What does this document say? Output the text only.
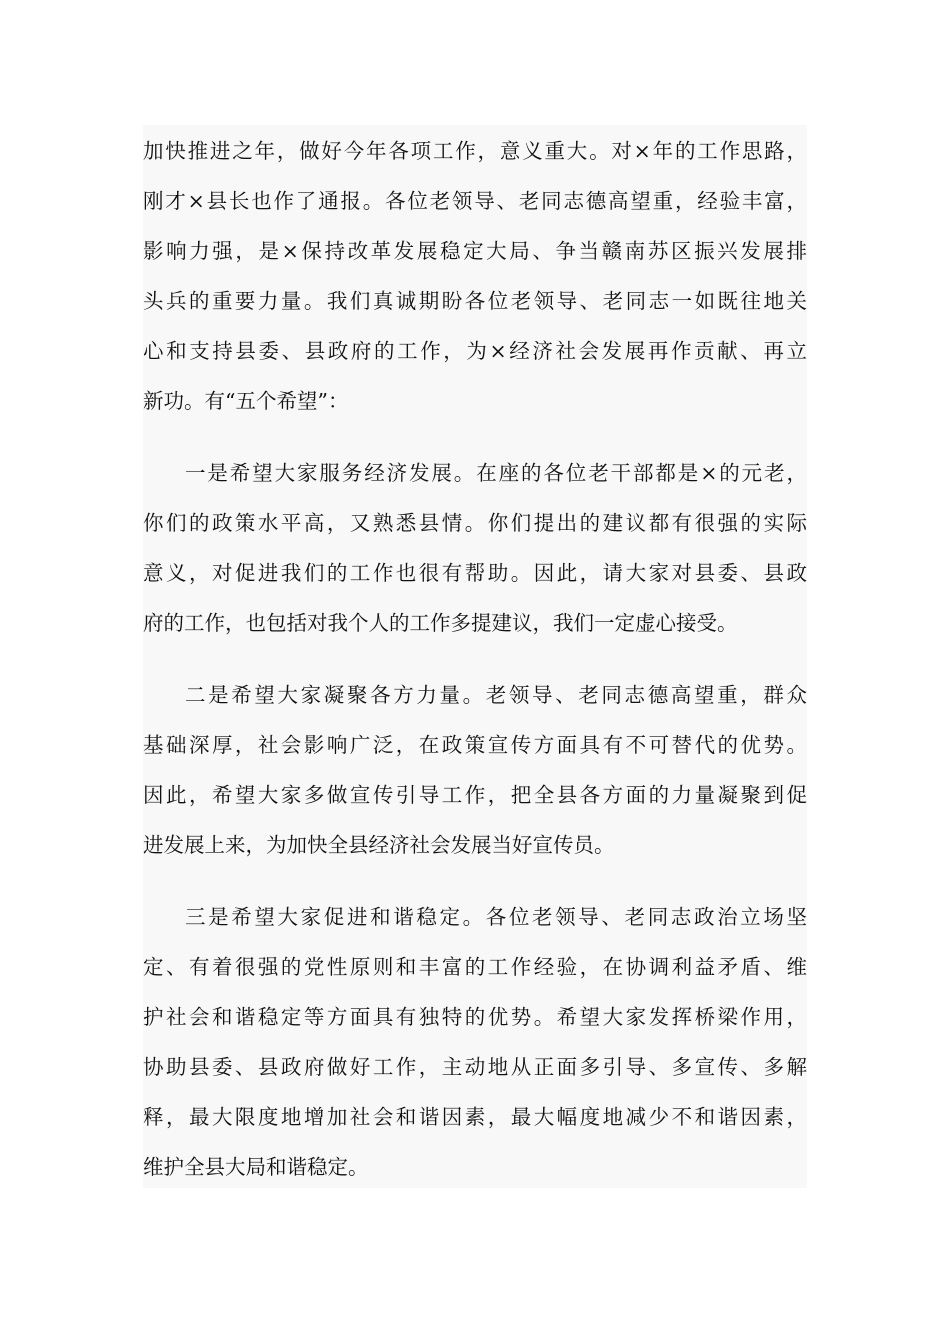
加快推进之年，做好今年各项工作，意义重大。对×年的工作思路，
刚才×县长也作了通报。各位老领导、老同志德高望重，经验丰富，
影响力强，是×保持改革发展稳定大局、争当赣南苏区振兴发展排
头兵的重要力量。我们真诚期盼各位老领导、老同志一如既往地关
心和支持县委、县政府的工作，为×经济社会发展再作贡献、再立
新功。有“五个希望”：
一是希望大家服务经济发展。在座的各位老干部都是×的元老，
你们的政策水平高，又熟悉县情。你们提出的建议都有很强的实际
意义，对促进我们的工作也很有帮助。因此，请大家对县委、县政
府的工作，也包括对我个人的工作多提建议，我们一定虚心接受。
二是希望大家凝聚各方力量。老领导、老同志德高望重，群众
基础深厚，社会影响广泛，在政策宣传方面具有不可替代的优势。
因此，希望大家多做宣传引导工作，把全县各方面的力量凝聚到促
进发展上来，为加快全县经济社会发展当好宣传员。
三是希望大家促进和谐稳定。各位老领导、老同志政治立场坚
定、有着很强的党性原则和丰富的工作经验，在协调利益矛盾、维
护社会和谐稳定等方面具有独特的优势。希望大家发挥桥梁作用，
协助县委、县政府做好工作，主动地从正面多引导、多宣传、多解
释，最大限度地增加社会和谐因素，最大幅度地减少不和谐因素，
维护全县大局和谐稳定。
